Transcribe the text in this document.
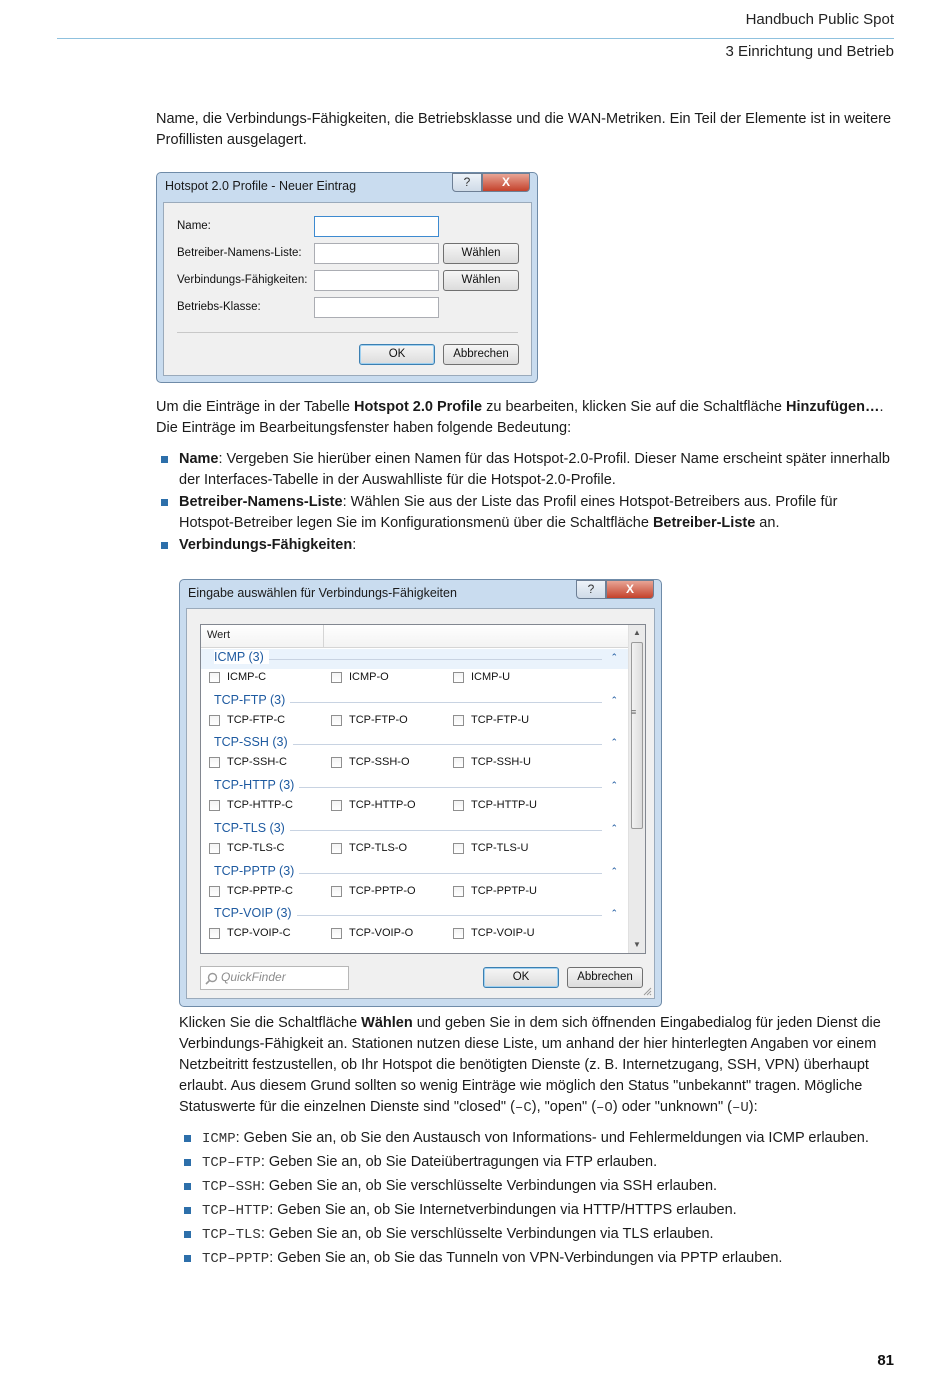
Handbuch Public Spot
3 Einrichtung und Betrieb
Name, die Verbindungs-Fähigkeiten, die Betriebsklasse und die WAN-Metriken. Ein Teil der Elemente ist in weitere Profillisten ausgelagert.
Hotspot 2.0 Profile - Neuer Eintrag	?	X
Name:
Betreiber-Namens-Liste:	Wählen
Verbindungs-Fähigkeiten:	Wählen
Betriebs-Klasse:
OK	Abbrechen
Um die Einträge in der Tabelle Hotspot 2.0 Profile zu bearbeiten, klicken Sie auf die Schaltfläche Hinzufügen…. Die Einträge im Bearbeitungsfenster haben folgende Bedeutung:
Name: Vergeben Sie hierüber einen Namen für das Hotspot-2.0-Profil. Dieser Name erscheint später innerhalb der Interfaces-Tabelle in der Auswahlliste für die Hotspot-2.0-Profile.
Betreiber-Namens-Liste: Wählen Sie aus der Liste das Profil eines Hotspot-Betreibers aus. Profile für Hotspot-Betreiber legen Sie im Konfigurationsmenü über die Schaltfläche Betreiber-Liste an.
Verbindungs-Fähigkeiten:
Eingabe auswählen für Verbindungs-Fähigkeiten	?	X
Wert
ICMP (3)	⌃
ICMP-C	ICMP-O	ICMP-U
TCP-FTP (3)	⌃
TCP-FTP-C	TCP-FTP-O	TCP-FTP-U
TCP-SSH (3)	⌃
TCP-SSH-C	TCP-SSH-O	TCP-SSH-U
TCP-HTTP (3)	⌃
TCP-HTTP-C	TCP-HTTP-O	TCP-HTTP-U
TCP-TLS (3)	⌃
TCP-TLS-C	TCP-TLS-O	TCP-TLS-U
TCP-PPTP (3)	⌃
TCP-PPTP-C	TCP-PPTP-O	TCP-PPTP-U
TCP-VOIP (3)	⌃
TCP-VOIP-C	TCP-VOIP-O	TCP-VOIP-U
▲
≡
▼
QuickFinder	OK	Abbrechen
Klicken Sie die Schaltfläche Wählen und geben Sie in dem sich öffnenden Eingabedialog für jeden Dienst die Verbindungs-Fähigkeit an. Stationen nutzen diese Liste, um anhand der hier hinterlegten Angaben vor einem Netzbeitritt festzustellen, ob Ihr Hotspot die benötigten Dienste (z. B. Internetzugang, SSH, VPN) überhaupt erlaubt. Aus diesem Grund sollten so wenig Einträge wie möglich den Status "unbekannt" tragen. Mögliche Statuswerte für die einzelnen Dienste sind "closed" (–C), "open" (–O) oder "unknown" (–U):
ICMP: Geben Sie an, ob Sie den Austausch von Informations- und Fehlermeldungen via ICMP erlauben.
TCP–FTP: Geben Sie an, ob Sie Dateiübertragungen via FTP erlauben.
TCP–SSH: Geben Sie an, ob Sie verschlüsselte Verbindungen via SSH erlauben.
TCP–HTTP: Geben Sie an, ob Sie Internetverbindungen via HTTP/HTTPS erlauben.
TCP–TLS: Geben Sie an, ob Sie verschlüsselte Verbindungen via TLS erlauben.
TCP–PPTP: Geben Sie an, ob Sie das Tunneln von VPN-Verbindungen via PPTP erlauben.
81
